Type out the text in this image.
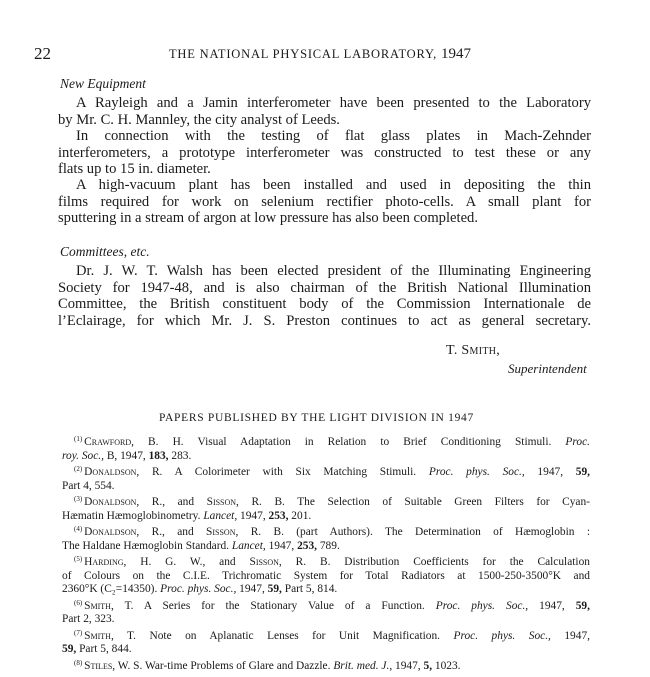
22	THE NATIONAL PHYSICAL LABORATORY, 1947
New Equipment
A Rayleigh and a Jamin interferometer have been presented to the Laboratory
by Mr. C. H. Mannley, the city analyst of Leeds.
In connection with the testing of flat glass plates in Mach-Zehnder
interferometers, a prototype interferometer was constructed to test these or any
flats up to 15 in. diameter.
A high-vacuum plant has been installed and used in depositing the thin
films required for work on selenium rectifier photo-cells. A small plant for
sputtering in a stream of argon at low pressure has also been completed.
Committees, etc.
Dr. J. W. T. Walsh has been elected president of the Illuminating Engineering
Society for 1947-48, and is also chairman of the British National Illumination
Committee, the British constituent body of the Commission Internationale de
l’Eclairage, for which Mr. J. S. Preston continues to act as general secretary.
T. Smith,
Superintendent
PAPERS PUBLISHED BY THE LIGHT DIVISION IN 1947
$^{(1)}$ Crawford, B. H. Visual Adaptation in Relation to Brief Conditioning Stimuli. Proc.
roy. Soc., B, 1947, 183, 283.
$^{(2)}$ Donaldson, R. A Colorimeter with Six Matching Stimuli. Proc. phys. Soc., 1947, 59,
Part 4, 554.
$^{(3)}$ Donaldson, R., and Sisson, R. B. The Selection of Suitable Green Filters for Cyan-
Hæmatin Hæmoglobinometry. Lancet, 1947, 253, 201.
$^{(4)}$ Donaldson, R., and Sisson, R. B. (part Authors). The Determination of Hæmoglobin :
The Haldane Hæmoglobin Standard. Lancet, 1947, 253, 789.
$^{(5)}$ Harding, H. G. W., and Sisson, R. B. Distribution Coefficients for the Calculation
of Colours on the C.I.E. Trichromatic System for Total Radiators at 1500-250-3500°K and
2360°K (C₂=14350). Proc. phys. Soc., 1947, 59, Part 5, 814.
$^{(6)}$ Smith, T. A Series for the Stationary Value of a Function. Proc. phys. Soc., 1947, 59,
Part 2, 323.
$^{(7)}$ Smith, T. Note on Aplanatic Lenses for Unit Magnification. Proc. phys. Soc., 1947,
59, Part 5, 844.
$^{(8)}$ Stiles, W. S. War-time Problems of Glare and Dazzle. Brit. med. J., 1947, 5, 1023.
